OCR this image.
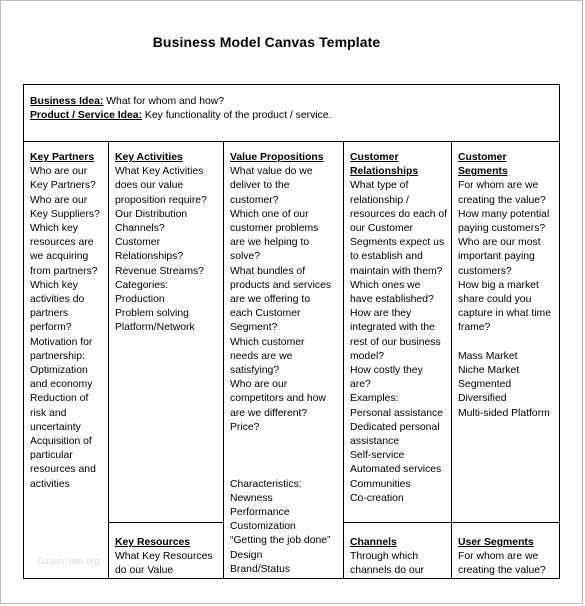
Business Model Canvas Template
Business Idea: What for whom and how?
Product / Service Idea: Key functionality of the product / service.
Key Partners
Who are our
Key Partners?
Who are our
Key Suppliers?
Which key
resources are
we acquiring
from partners?
Which key
activities do
partners
perform?
Motivation for
partnership:
Optimization
and economy
Reduction of
risk and
uncertainty
Acquisition of
particular
resources and
activities
Key Activities
What Key Activities
does our value
proposition require?
Our Distribution
Channels?
Customer
Relationships?
Revenue Streams?
Categories:
Production
Problem solving
Platform/Network
Key Resources
What Key Resources
do our Value
Value Propositions
What value do we
deliver to the
customer?
Which one of our
customer problems
are we helping to
solve?
What bundles of
products and services
are we offering to
each Customer
Segment?
Which customer
needs are we
satisfying?
Who are our
competitors and how
are we different?
Price?
Characteristics:
Newness
Performance
Customization
“Getting the job done”
Design
Brand/Status
Customer Relationships
What type of
relationship /
resources do each of
our Customer
Segments expect us
to establish and
maintain with them?
Which ones we
have established?
How are they
integrated with the
rest of our business
model?
How costly they
are?
Examples:
Personal assistance
Dedicated personal
assistance
Self-service
Automated services
Communities
Co-creation
Channels
Through which
channels do our
Customer Segments
For whom are we
creating the value?
How many potential
paying customers?
Who are our most
important paying
customers?
How big a market
share could you
capture in what time
frame?
Mass Market
Niche Market
Segmented
Diversified
Multi-sided Platform
User Segments
For whom are we
creating the value?
Datebrown.org
